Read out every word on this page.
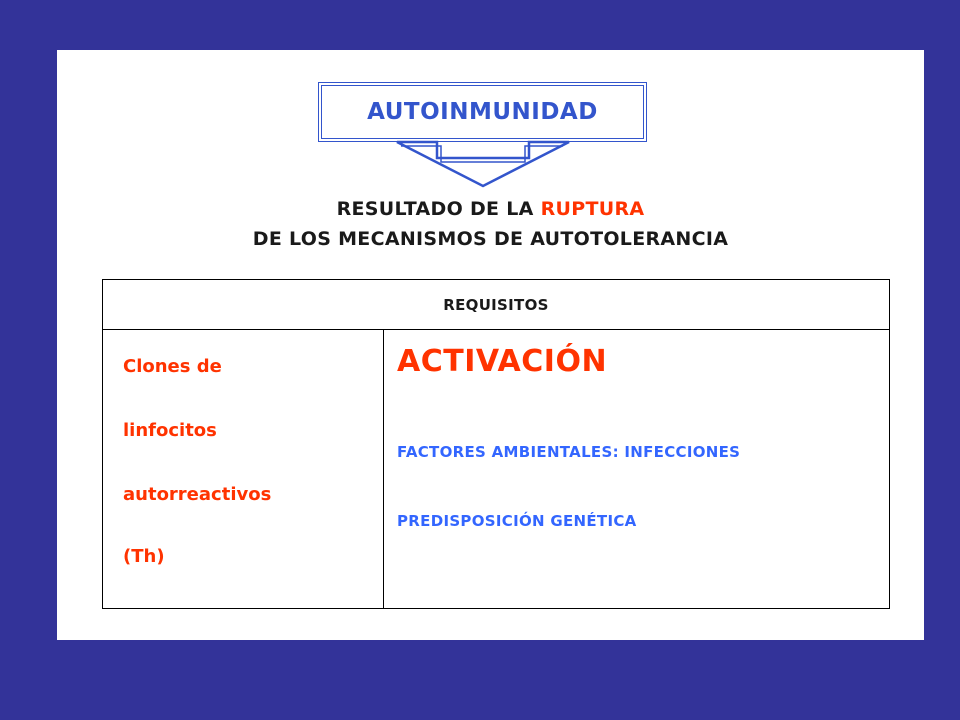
AUTOINMUNIDAD
RESULTADO DE LA RUPTURA
DE LOS MECANISMOS DE AUTOTOLERANCIA
REQUISITOS
Clones de
linfocitos
autorreactivos
(Th)
ACTIVACIÓN
FACTORES AMBIENTALES: INFECCIONES
PREDISPOSICIÓN GENÉTICA
